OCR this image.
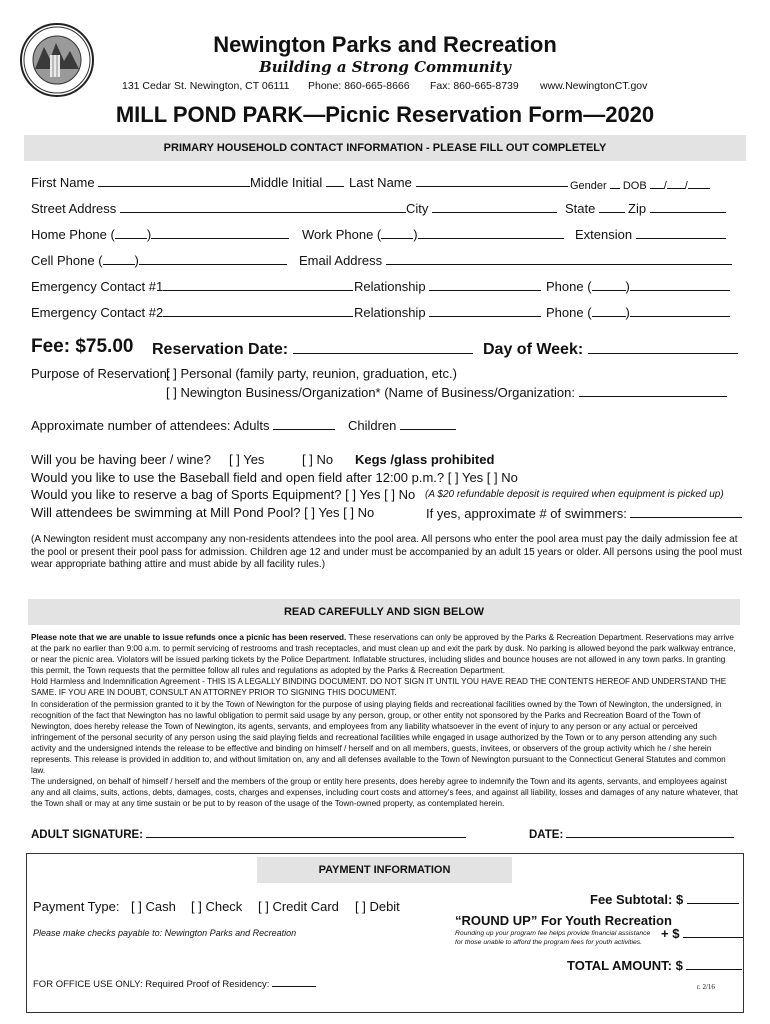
Newington Parks and Recreation
Building a Strong Community
131 Cedar St. Newington, CT 06111 Phone: 860-665-8666 Fax: 860-665-8739 www.NewingtonCT.gov
MILL POND PARK—Picnic Reservation Form—2020
PRIMARY HOUSEHOLD CONTACT INFORMATION - PLEASE FILL OUT COMPLETELY
First Name	Middle Initial	Last Name	Gender DOB / /
Street Address	City	State	Zip
Home Phone ( )	Work Phone ( )	Extension
Cell Phone ( )	Email Address
Emergency Contact #1	Relationship	Phone (	)
Emergency Contact #2	Relationship	Phone (	)
Fee: $75.00 Reservation Date:	Day of Week:
Purpose of Reservation:
[ ] Personal (family party, reunion, graduation, etc.)
[ ] Newington Business/Organization* (Name of Business/Organization:
Approximate number of attendees: Adults	Children
Will you be having beer / wine? [ ] Yes	[ ] No Kegs /glass prohibited
Would you like to use the Baseball field and open field after 12:00 p.m.? [ ] Yes [ ] No
Would you like to reserve a bag of Sports Equipment? [ ] Yes [ ] No (A $20 refundable deposit is required when equipment is picked up)
Will attendees be swimming at Mill Pond Pool? [ ] Yes [ ] No	If yes, approximate # of swimmers:
(A Newington resident must accompany any non-residents attendees into the pool area. All persons who enter the pool area must pay the daily admission fee at the pool or present their pool pass for admission. Children age 12 and under must be accompanied by an adult 15 years or older. All persons using the pool must wear appropriate bathing attire and must abide by all facility rules.)
READ CAREFULLY AND SIGN BELOW

Please note that we are unable to issue refunds once a picnic has been reserved. These reservations can only be approved by the Parks & Recreation Department. Reservations may arrive at the park no earlier than 9:00 a.m. to permit servicing of restrooms and trash receptacles, and must clean up and exit the park by dusk. No parking is allowed beyond the park walkway entrance, or near the picnic area. Violators will be issued parking tickets by the Police Department. Inflatable structures, including slides and bounce houses are not allowed in any town parks. In granting this permit, the Town requests that the permittee follow all rules and regulations as adopted by the Parks & Recreation Department.

Hold Harmless and Indemnification Agreement - THIS IS A LEGALLY BINDING DOCUMENT. DO NOT SIGN IT UNTIL YOU HAVE READ THE CONTENTS HEREOF AND UNDERSTAND THE SAME. IF YOU ARE IN DOUBT, CONSULT AN ATTORNEY PRIOR TO SIGNING THIS DOCUMENT.

In consideration of the permission granted to it by the Town of Newington for the purpose of using playing fields and recreational facilities owned by the Town of Newington, the undersigned, in recognition of the fact that Newington has no lawful obligation to permit said usage by any person, group, or other entity not sponsored by the Parks and Recreation Board of the Town of Newington, does hereby release the Town of Newington, its agents, servants, and employees from any liability whatsoever in the event of injury to any person or any actual or perceived infringement of the personal security of any person using the said playing fields and recreational facilities while engaged in usage authorized by the Town or to any person attending any such activity and the undersigned intends the release to be effective and binding on himself / herself and on all members, guests, invitees, or observers of the group activity which he / she herein represents. This release is provided in addition to, and without limitation on, any and all defenses available to the Town of Newington pursuant to the Connecticut General Statutes and common law.

The undersigned, on behalf of himself / herself and the members of the group or entity here presents, does hereby agree to indemnify the Town and its agents, servants, and employees against any and all claims, suits, actions, debts, damages, costs, charges and expenses, including court costs and attorney's fees, and against all liability, losses and damages of any nature whatever, that the Town shall or may at any time sustain or be put to by reason of the usage of the Town-owned property, as contemplated herein.

ADULT SIGNATURE:	DATE:
PAYMENT INFORMATION
Payment Type: [ ] Cash [ ] Check [ ] Credit Card [ ] Debit
Please make checks payable to: Newington Parks and Recreation
Fee Subtotal: $
“ROUND UP” For Youth Recreation
Rounding up your program fee helps provide financial assistance
for those unable to afford the program fees for youth activities.
+ $
TOTAL AMOUNT: $
FOR OFFICE USE ONLY: Required Proof of Residency:	r. 2/16
